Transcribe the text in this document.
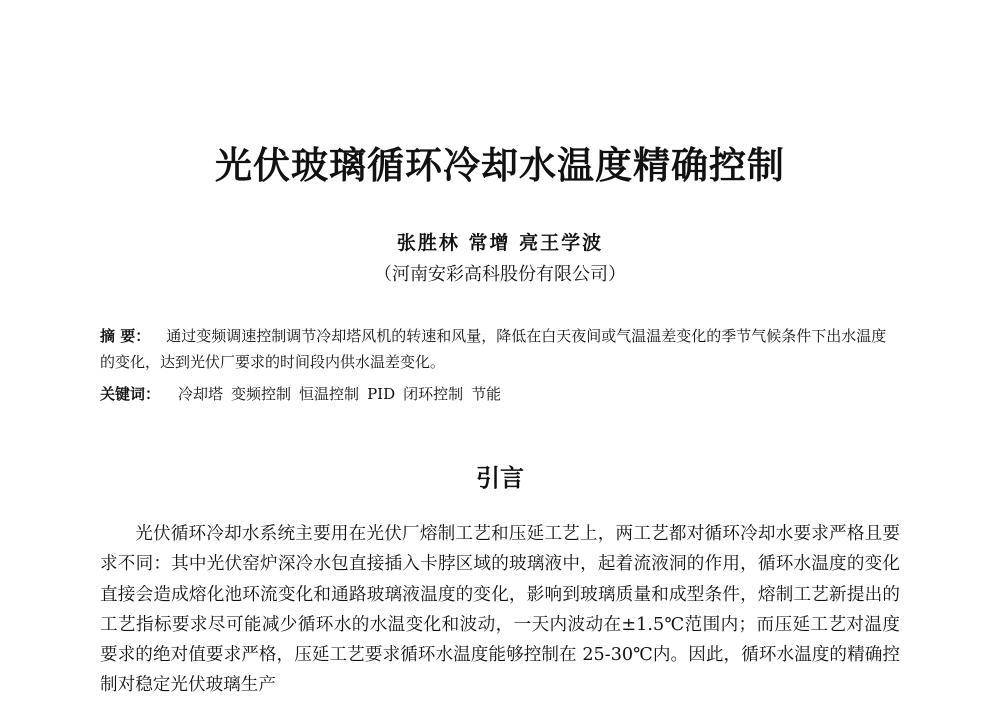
光伏玻璃循环冷却水温度精确控制
张胜林 常增 亮王学波
（河南安彩高科股份有限公司）

摘 要： 通过变频调速控制调节冷却塔风机的转速和风量，降低在白天夜间或气温温差变化的季节气候条件下出水温度的变化，达到光伏厂要求的时间段内供水温差变化。

关键词： 冷却塔 变频控制 恒温控制 PID 闭环控制 节能

引言

光伏循环冷却水系统主要用在光伏厂熔制工艺和压延工艺上，两工艺都对循环冷却水要求严格且要求不同：其中光伏窑炉深冷水包直接插入卡脖区域的玻璃液中，起着流液洞的作用，循环水温度的变化直接会造成熔化池环流变化和通路玻璃液温度的变化，影响到玻璃质量和成型条件，熔制工艺新提出的工艺指标要求尽可能减少循环水的水温变化和波动，一天内波动在±1.5℃范围内；而压延工艺对温度要求的绝对值要求严格，压延工艺要求循环水温度能够控制在 25-30℃内。因此，循环水温度的精确控制对稳定光伏玻璃生产
